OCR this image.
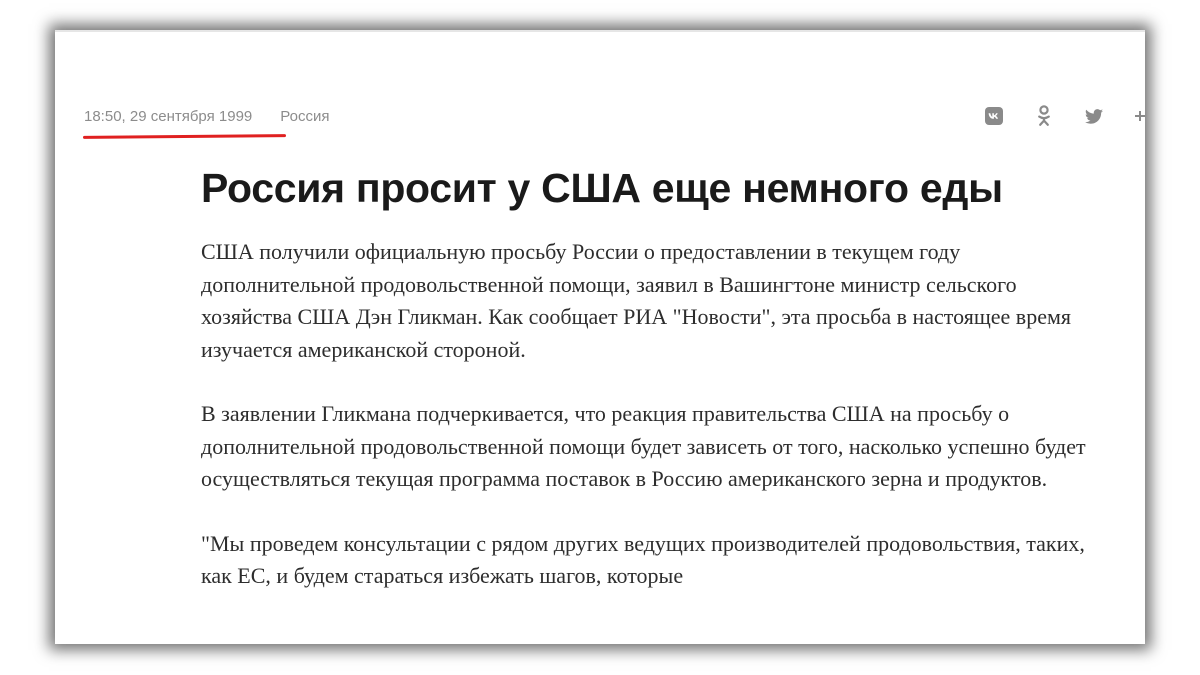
18:50, 29 сентября 1999 Россия
Россия просит у США еще немного еды

США получили официальную просьбу России о предоставлении в текущем году дополнительной продовольственной помощи, заявил в Вашингтоне министр сельского хозяйства США Дэн Гликман. Как сообщает РИА "Новости", эта просьба в настоящее время изучается американской стороной.

В заявлении Гликмана подчеркивается, что реакция правительства США на просьбу о дополнительной продовольственной помощи будет зависеть от того, насколько успешно будет осуществляться текущая программа поставок в Россию американского зерна и продуктов.

"Мы проведем консультации с рядом других ведущих производителей продовольствия, таких, как ЕС, и будем стараться избежать шагов, которые
